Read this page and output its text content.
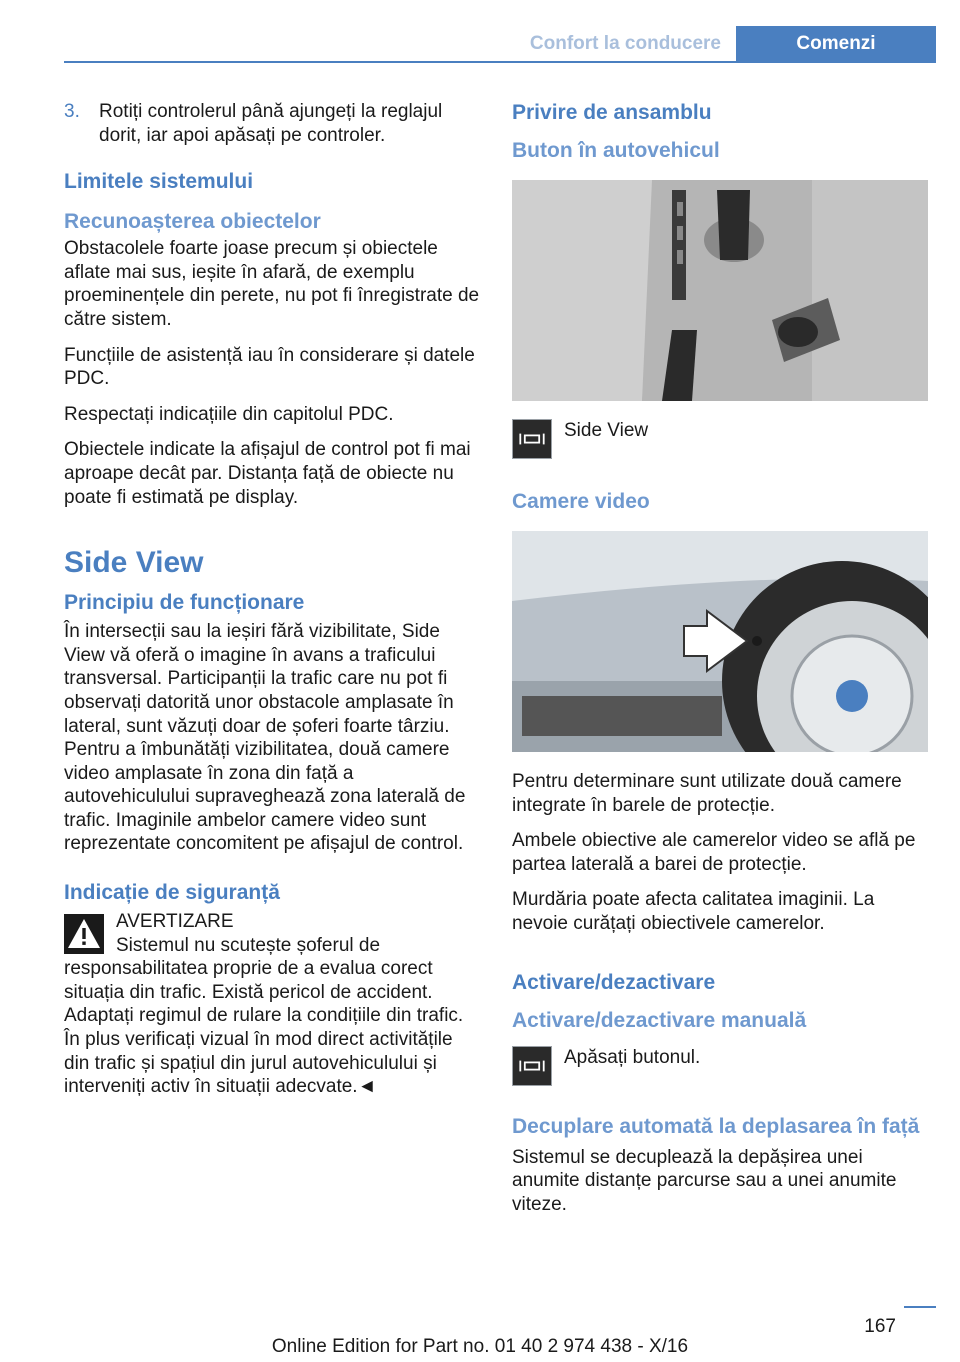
Confort la conducere	Comenzi
3.	Rotiți controlerul până ajungeți la reglajul dorit, iar apoi apăsați pe controler.
Limitele sistemului
Recunoașterea obiectelor

Obstacolele foarte joase precum și obiectele aflate mai sus, ieșite în afară, de exemplu proeminențele din perete, nu pot fi înregistrate de către sistem.

Funcțiile de asistență iau în considerare și datele PDC.

Respectați indicațiile din capitolul PDC.

Obiectele indicate la afișajul de control pot fi mai aproape decât par. Distanța față de obiecte nu poate fi estimată pe display.

Side View
Principiu de funcționare

În intersecții sau la ieșiri fără vizibilitate, Side View vă oferă o imagine în avans a traficului transversal. Participanții la trafic care nu pot fi observați datorită unor obstacole amplasate în lateral, sunt văzuți doar de șoferi foarte târziu. Pentru a îmbunătăți vizibilitatea, două camere video amplasate în zona din față a autovehiculului supraveghează zona laterală de trafic. Imaginile ambelor camere video sunt reprezentate concomitent pe afișajul de control.

Indicație de siguranță

AVERTIZARE

Sistemul nu scutește șoferul de responsabilitatea proprie de a evalua corect situația din trafic. Există pericol de accident. Adaptați regimul de rulare la condițiile din trafic. În plus verificați vizual în mod direct activitățile din trafic și spațiul din jurul autovehiculului și interveniți activ în situații adecvate.◄

Privire de ansamblu
Buton în autovehicul
Side View
Camere video

Pentru determinare sunt utilizate două camere integrate în barele de protecție.

Ambele obiective ale camerelor video se află pe partea laterală a barei de protecție.

Murdăria poate afecta calitatea imaginii. La nevoie curățați obiectivele camerelor.

Activare/dezactivare
Activare/dezactivare manuală
Apăsați butonul.
Decuplare automată la deplasarea în față

Sistemul se decuplează la depășirea unei anumite distanțe parcurse sau a unei anumite viteze.

167
Online Edition for Part no. 01 40 2 974 438 - X/16
